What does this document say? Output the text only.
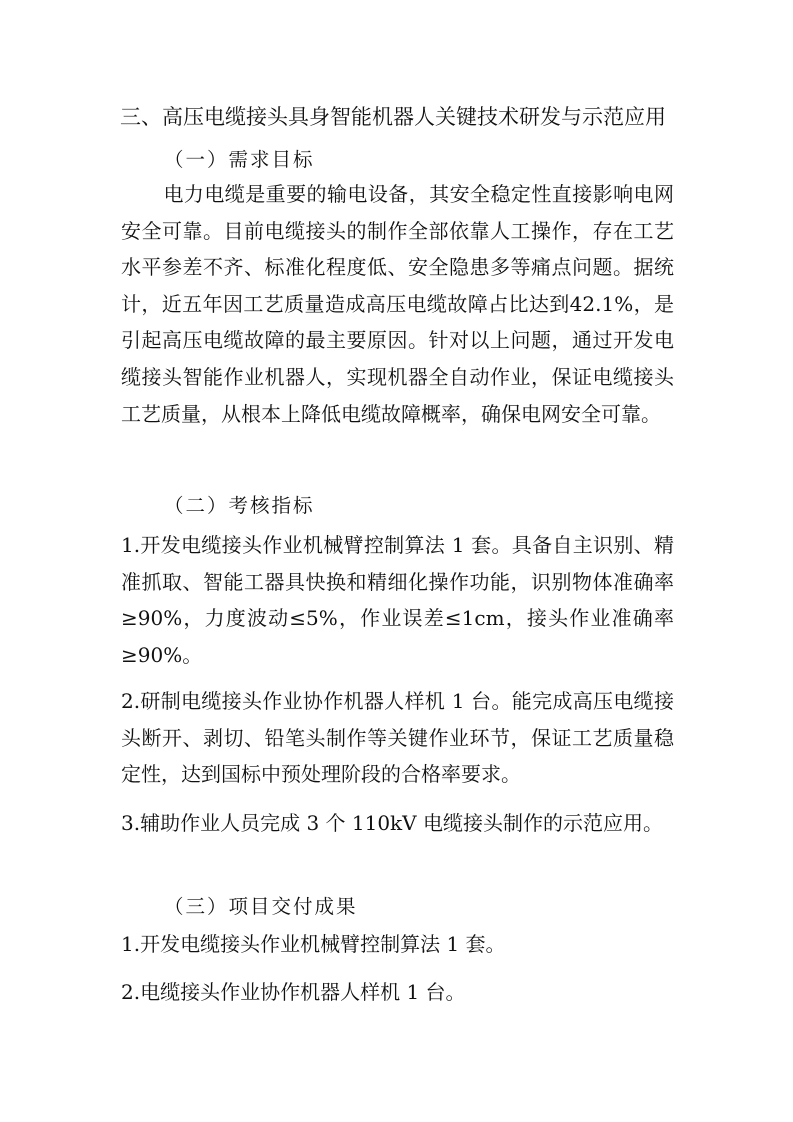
三、高压电缆接头具身智能机器人关键技术研发与示范应用
（一）需求目标
电力电缆是重要的输电设备，其安全稳定性直接影响电网安全可靠。目前电缆接头的制作全部依靠人工操作，存在工艺水平参差不齐、标准化程度低、安全隐患多等痛点问题。据统计，近五年因工艺质量造成高压电缆故障占比达到42.1%，是引起高压电缆故障的最主要原因。针对以上问题，通过开发电缆接头智能作业机器人，实现机器全自动作业，保证电缆接头工艺质量，从根本上降低电缆故障概率，确保电网安全可靠。
（二）考核指标
1.开发电缆接头作业机械臂控制算法 1 套。具备自主识别、精准抓取、智能工器具快换和精细化操作功能，识别物体准确率≥90%，力度波动≤5%，作业误差≤1cm，接头作业准确率≥90%。
2.研制电缆接头作业协作机器人样机 1 台。能完成高压电缆接头断开、剥切、铅笔头制作等关键作业环节，保证工艺质量稳定性，达到国标中预处理阶段的合格率要求。
3.辅助作业人员完成 3 个 110kV 电缆接头制作的示范应用。
（三）项目交付成果
1.开发电缆接头作业机械臂控制算法 1 套。
2.电缆接头作业协作机器人样机 1 台。
